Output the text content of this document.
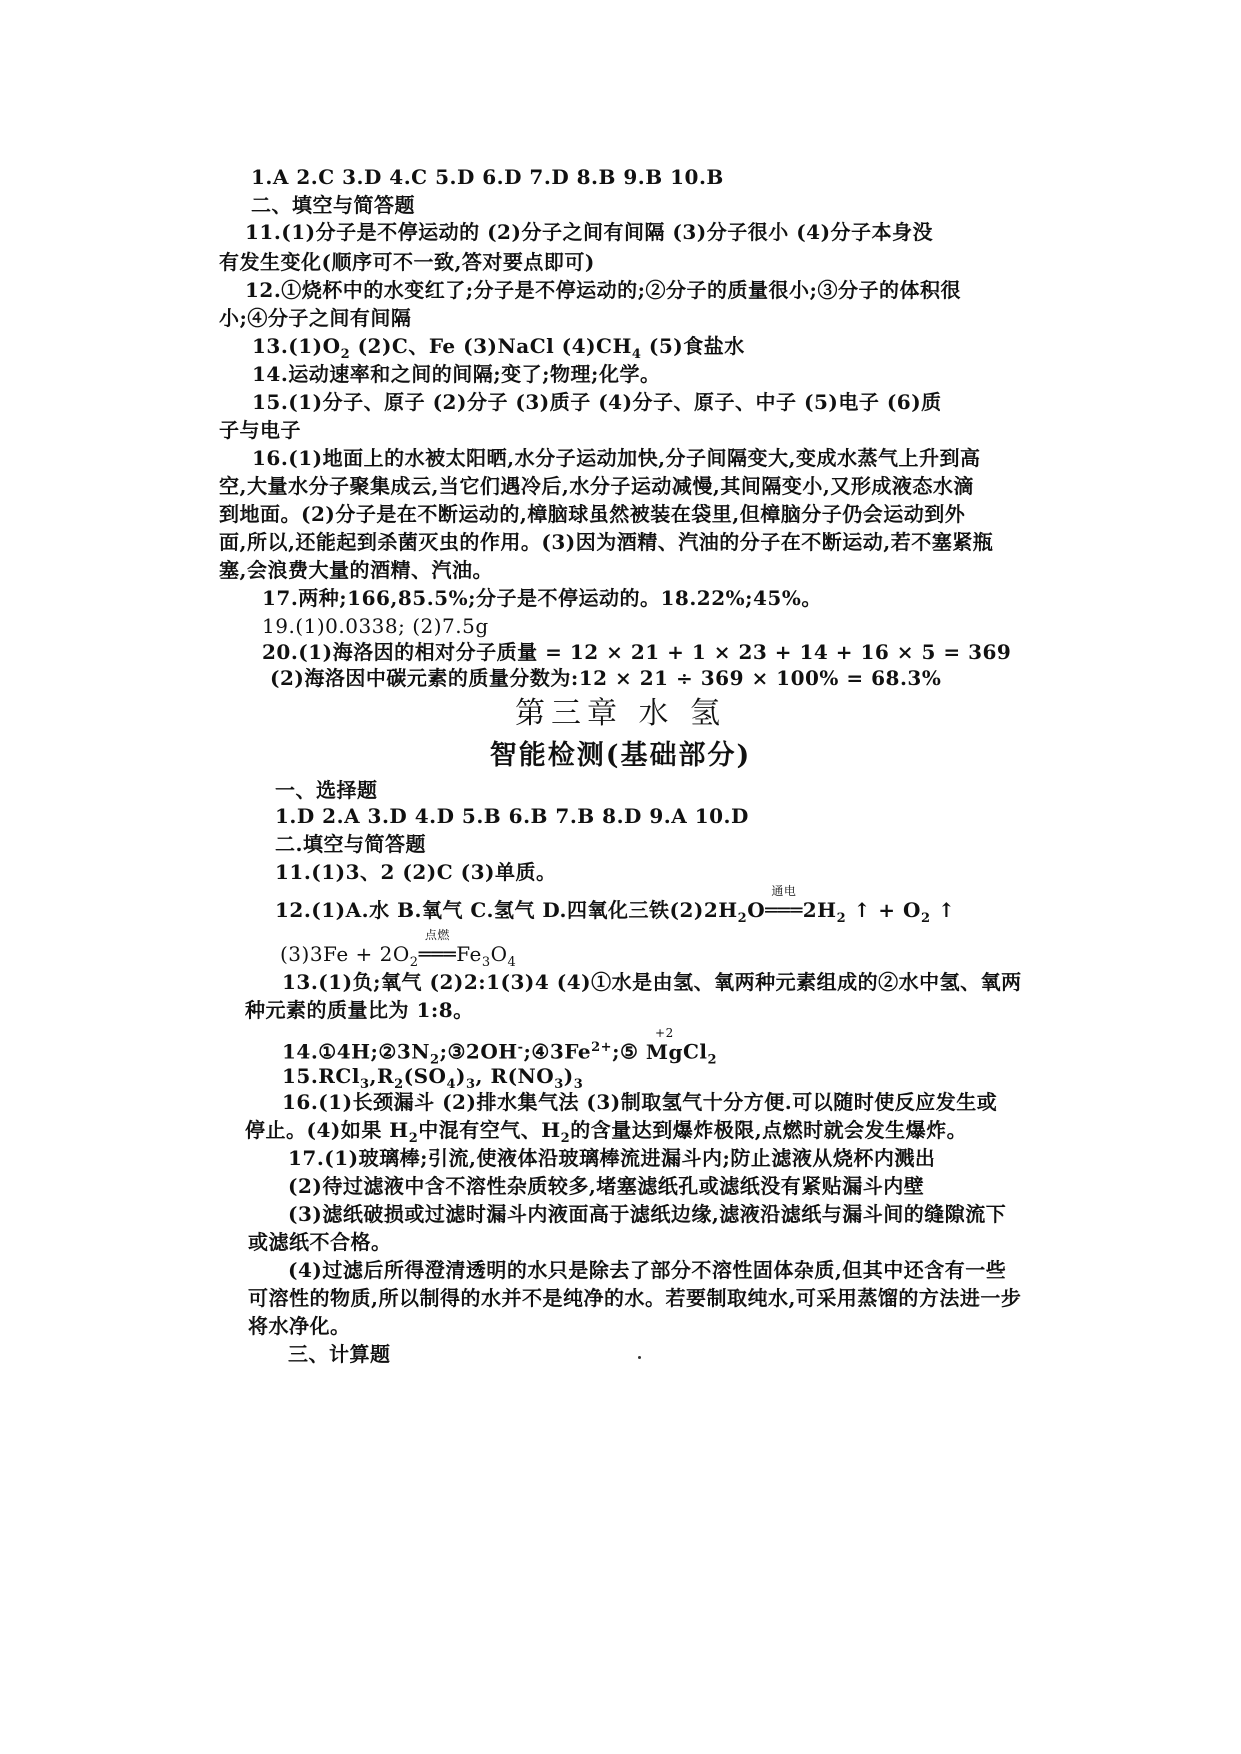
1.A 2.C 3.D 4.C 5.D 6.D 7.D 8.B 9.B 10.B
二、填空与简答题
11.(1)分子是不停运动的 (2)分子之间有间隔 (3)分子很小 (4)分子本身没
有发生变化(顺序可不一致,答对要点即可)
12.①烧杯中的水变红了;分子是不停运动的;②分子的质量很小;③分子的体积很
小;④分子之间有间隔
$13.(1)O_2$ (2)C、Fe (3)NaCl $(4)CH_4$ (5)食盐水
14.运动速率和之间的间隔;变了;物理;化学。
15.(1)分子、原子 (2)分子 (3)质子 (4)分子、原子、中子 (5)电子 (6)质
子与电子
16.(1)地面上的水被太阳晒,水分子运动加快,分子间隔变大,变成水蒸气上升到高
空,大量水分子聚集成云,当它们遇冷后,水分子运动减慢,其间隔变小,又形成液态水滴
到地面。(2)分子是在不断运动的,樟脑球虽然被装在袋里,但樟脑分子仍会运动到外
面,所以,还能起到杀菌灭虫的作用。(3)因为酒精、汽油的分子在不断运动,若不塞紧瓶
塞,会浪费大量的酒精、汽油。
17.两种;166,85.5%;分子是不停运动的。18.22%;45%。
19.(1)0.0338; (2)7.5g
20.(1)海洛因的相对分子质量 = 12 × 21 + 1 × 23 + 14 + 16 × 5 = 369
(2)海洛因中碳元素的质量分数为:12 × 21 ÷ 369 × 100% = 68.3%
第三章 水 氢
智能检测(基础部分)
一、选择题
1.D 2.A 3.D 4.D 5.B 6.B 7.B 8.D 9.A 10.D
二.填空与简答题
11.(1)3、2 (2)C (3)单质。
12.(1)A.水 B.氧气 C.氢气 D.四氧化三铁$(2)2H_2O$
通电
$═══2H_2$ ↑ + $O_2$ ↑
$(3)3Fe + 2O_2$
点燃
$═══Fe_3O_4$
13.(1)负;氧气 (2)2:1(3)4 (4)①水是由氢、氧两种元素组成的②水中氢、氧两
种元素的质量比为 1:8。
$14.①4H;②3N_2;③2OH^-;④3Fe^{2+};⑤$
+2
MgCl$_2$
$15.RCl_3,R_2(SO_4)_3$, $R(NO_3)_3$
16.(1)长颈漏斗 (2)排水集气法 (3)制取氢气十分方便.可以随时使反应发生或
停止。(4)如果 $H_2$中混有空气、$H_2$的含量达到爆炸极限,点燃时就会发生爆炸。
17.(1)玻璃棒;引流,使液体沿玻璃棒流进漏斗内;防止滤液从烧杯内溅出
(2)待过滤液中含不溶性杂质较多,堵塞滤纸孔或滤纸没有紧贴漏斗内壁
(3)滤纸破损或过滤时漏斗内液面高于滤纸边缘,滤液沿滤纸与漏斗间的缝隙流下
或滤纸不合格。
(4)过滤后所得澄清透明的水只是除去了部分不溶性固体杂质,但其中还含有一些
可溶性的物质,所以制得的水并不是纯净的水。若要制取纯水,可采用蒸馏的方法进一步
将水净化。
三、计算题
